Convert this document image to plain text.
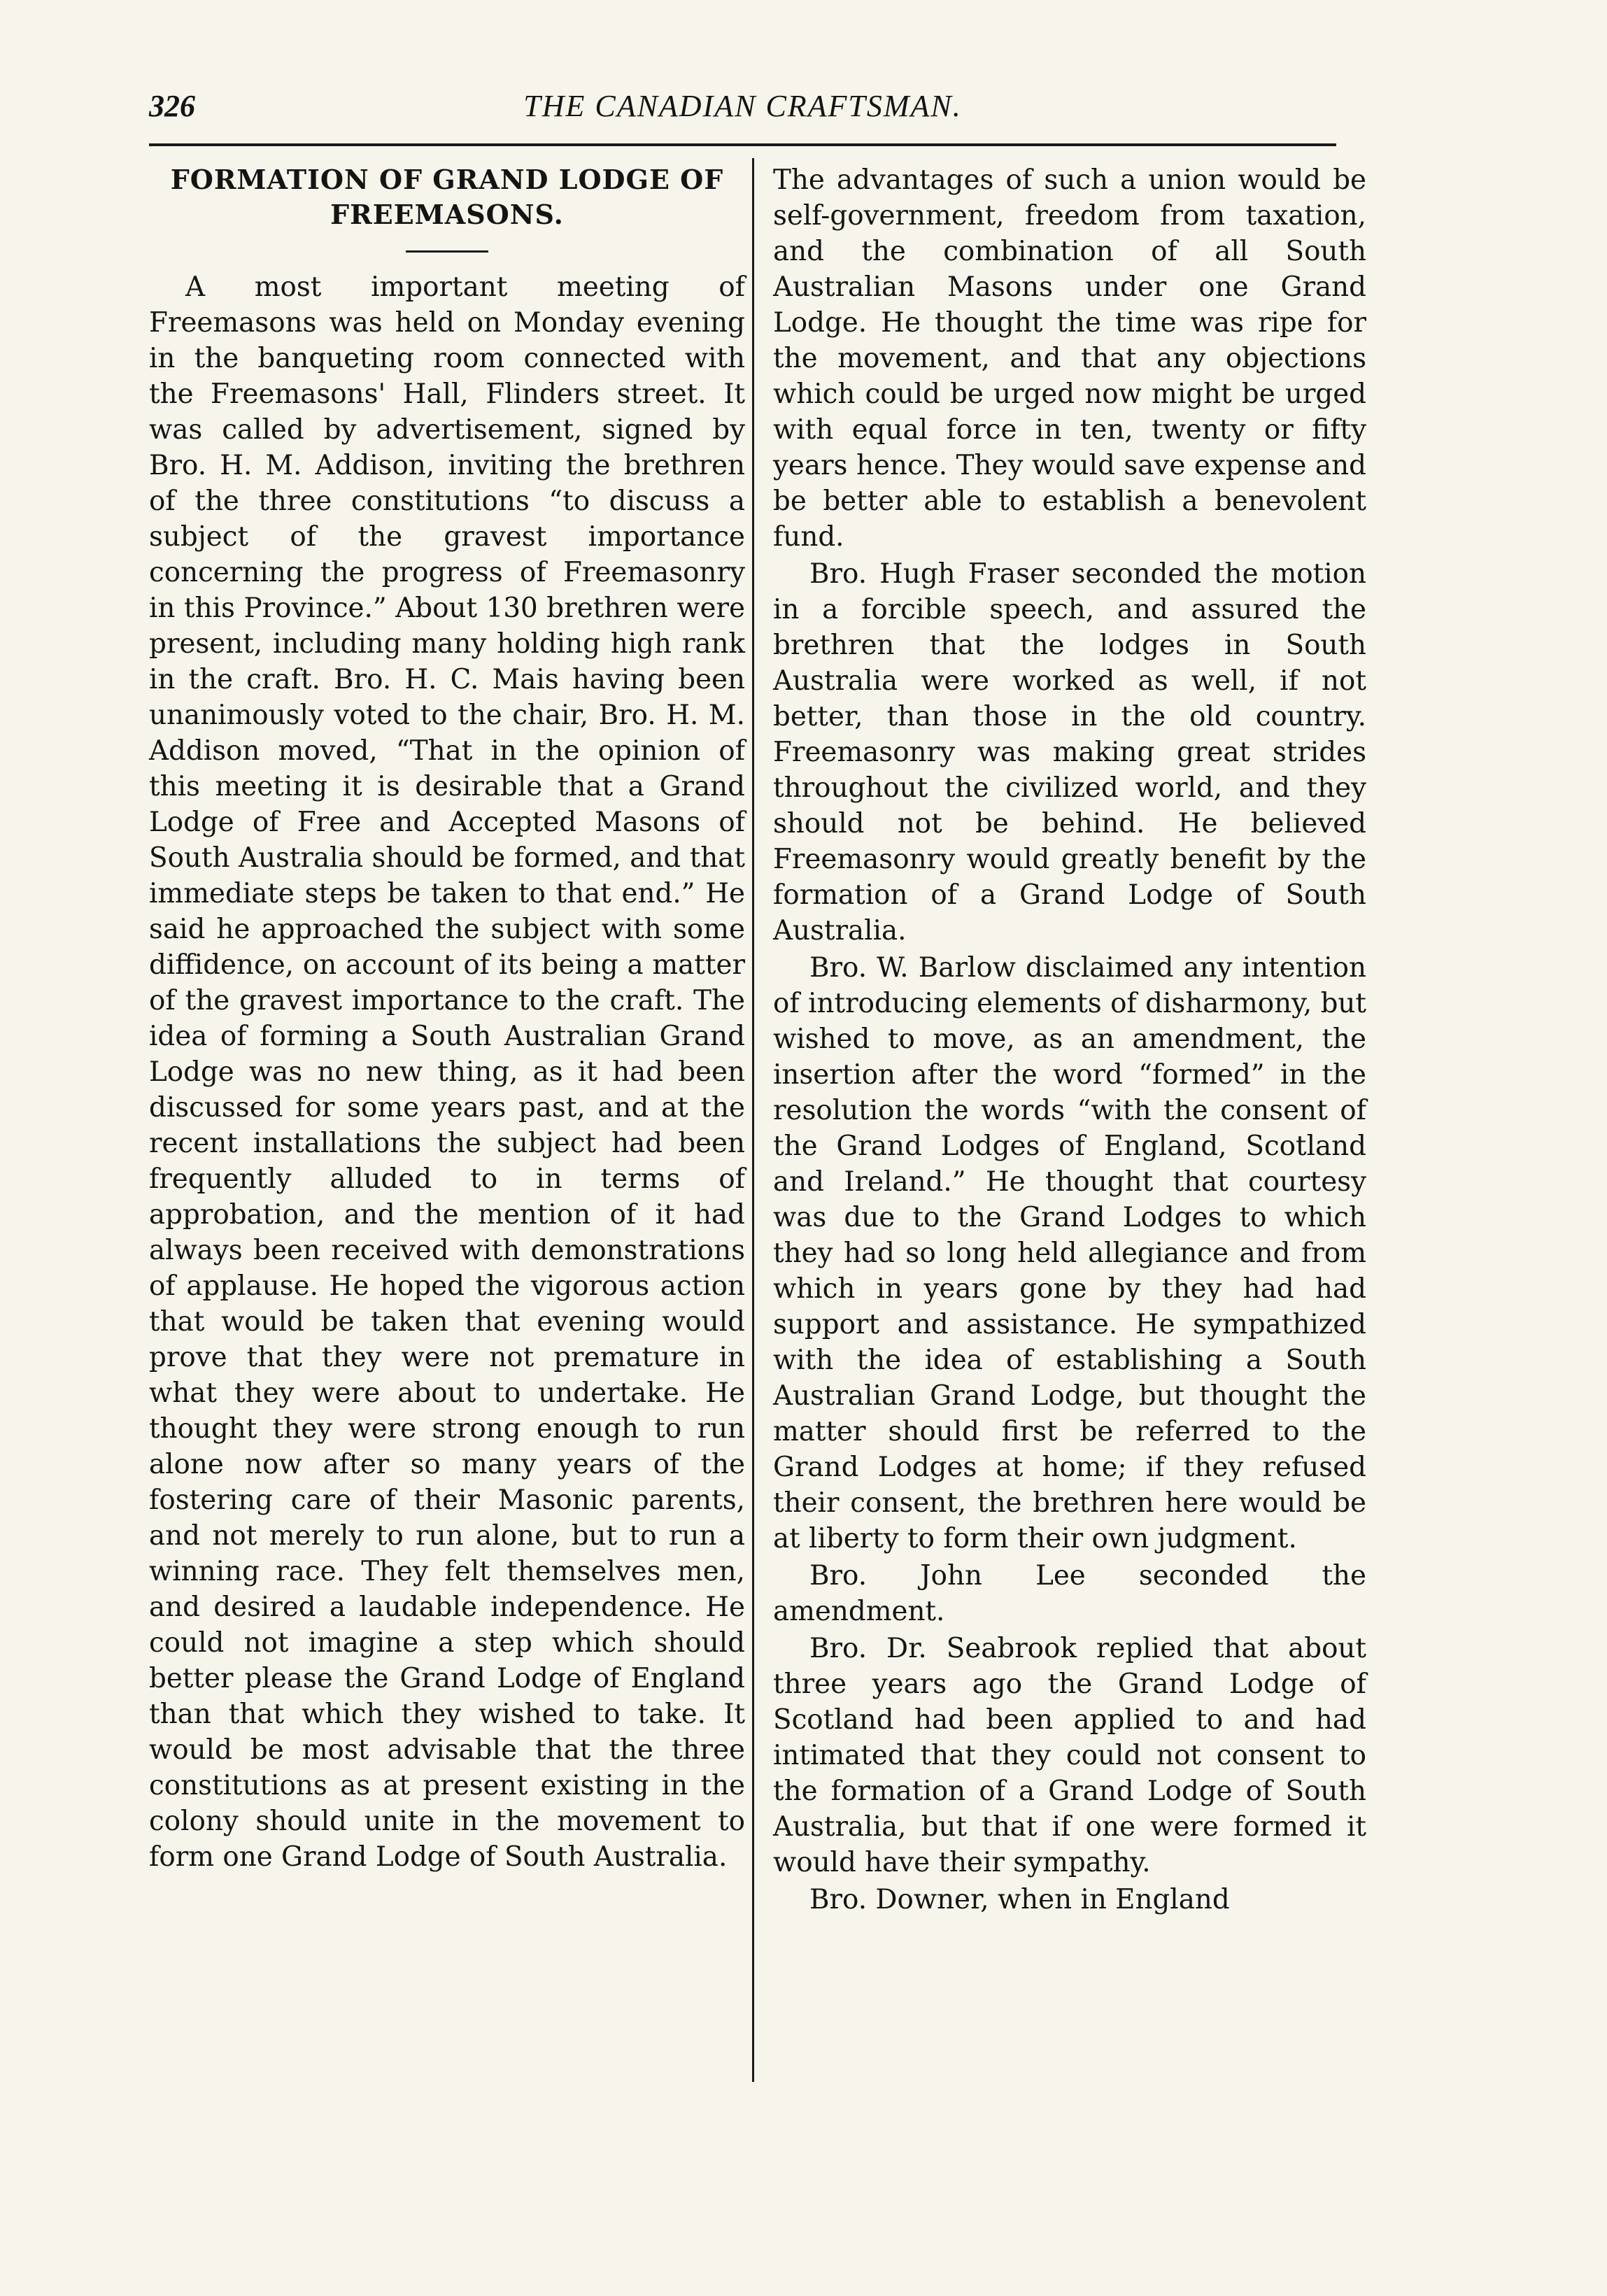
326	THE CANADIAN CRAFTSMAN.
FORMATION OF GRAND LODGE OF FREEMASONS.

A most important meeting of Freemasons was held on Monday evening in the banqueting room connected with the Freemasons' Hall, Flinders street. It was called by advertisement, signed by Bro. H. M. Addison, inviting the brethren of the three constitutions “to discuss a subject of the gravest importance concerning the progress of Freemasonry in this Province.” About 130 brethren were present, including many holding high rank in the craft. Bro. H. C. Mais having been unanimously voted to the chair, Bro. H. M. Addison moved, “That in the opinion of this meeting it is desirable that a Grand Lodge of Free and Accepted Masons of South Australia should be formed, and that immediate steps be taken to that end.” He said he approached the subject with some diffidence, on account of its being a matter of the gravest importance to the craft. The idea of forming a South Australian Grand Lodge was no new thing, as it had been discussed for some years past, and at the recent installations the subject had been frequently alluded to in terms of approbation, and the mention of it had always been received with demonstrations of applause. He hoped the vigorous action that would be taken that evening would prove that they were not premature in what they were about to undertake. He thought they were strong enough to run alone now after so many years of the fostering care of their Masonic parents, and not merely to run alone, but to run a winning race. They felt themselves men, and desired a laudable independence. He could not imagine a step which should better please the Grand Lodge of England than that which they wished to take. It would be most advisable that the three constitutions as at present existing in the colony should unite in the movement to form one Grand Lodge of South Australia.

The advantages of such a union would be self-government, freedom from taxation, and the combination of all South Australian Masons under one Grand Lodge. He thought the time was ripe for the movement, and that any objections which could be urged now might be urged with equal force in ten, twenty or fifty years hence. They would save expense and be better able to establish a benevolent fund.

Bro. Hugh Fraser seconded the motion in a forcible speech, and assured the brethren that the lodges in South Australia were worked as well, if not better, than those in the old country. Freemasonry was making great strides throughout the civilized world, and they should not be behind. He believed Freemasonry would greatly benefit by the formation of a Grand Lodge of South Australia.

Bro. W. Barlow disclaimed any intention of introducing elements of disharmony, but wished to move, as an amendment, the insertion after the word “formed” in the resolution the words “with the consent of the Grand Lodges of England, Scotland and Ireland.” He thought that courtesy was due to the Grand Lodges to which they had so long held allegiance and from which in years gone by they had had support and assistance. He sympathized with the idea of establishing a South Australian Grand Lodge, but thought the matter should first be referred to the Grand Lodges at home; if they refused their consent, the brethren here would be at liberty to form their own judgment.

Bro. John Lee seconded the amendment.

Bro. Dr. Seabrook replied that about three years ago the Grand Lodge of Scotland had been applied to and had intimated that they could not consent to the formation of a Grand Lodge of South Australia, but that if one were formed it would have their sympathy.

Bro. Downer, when in England
